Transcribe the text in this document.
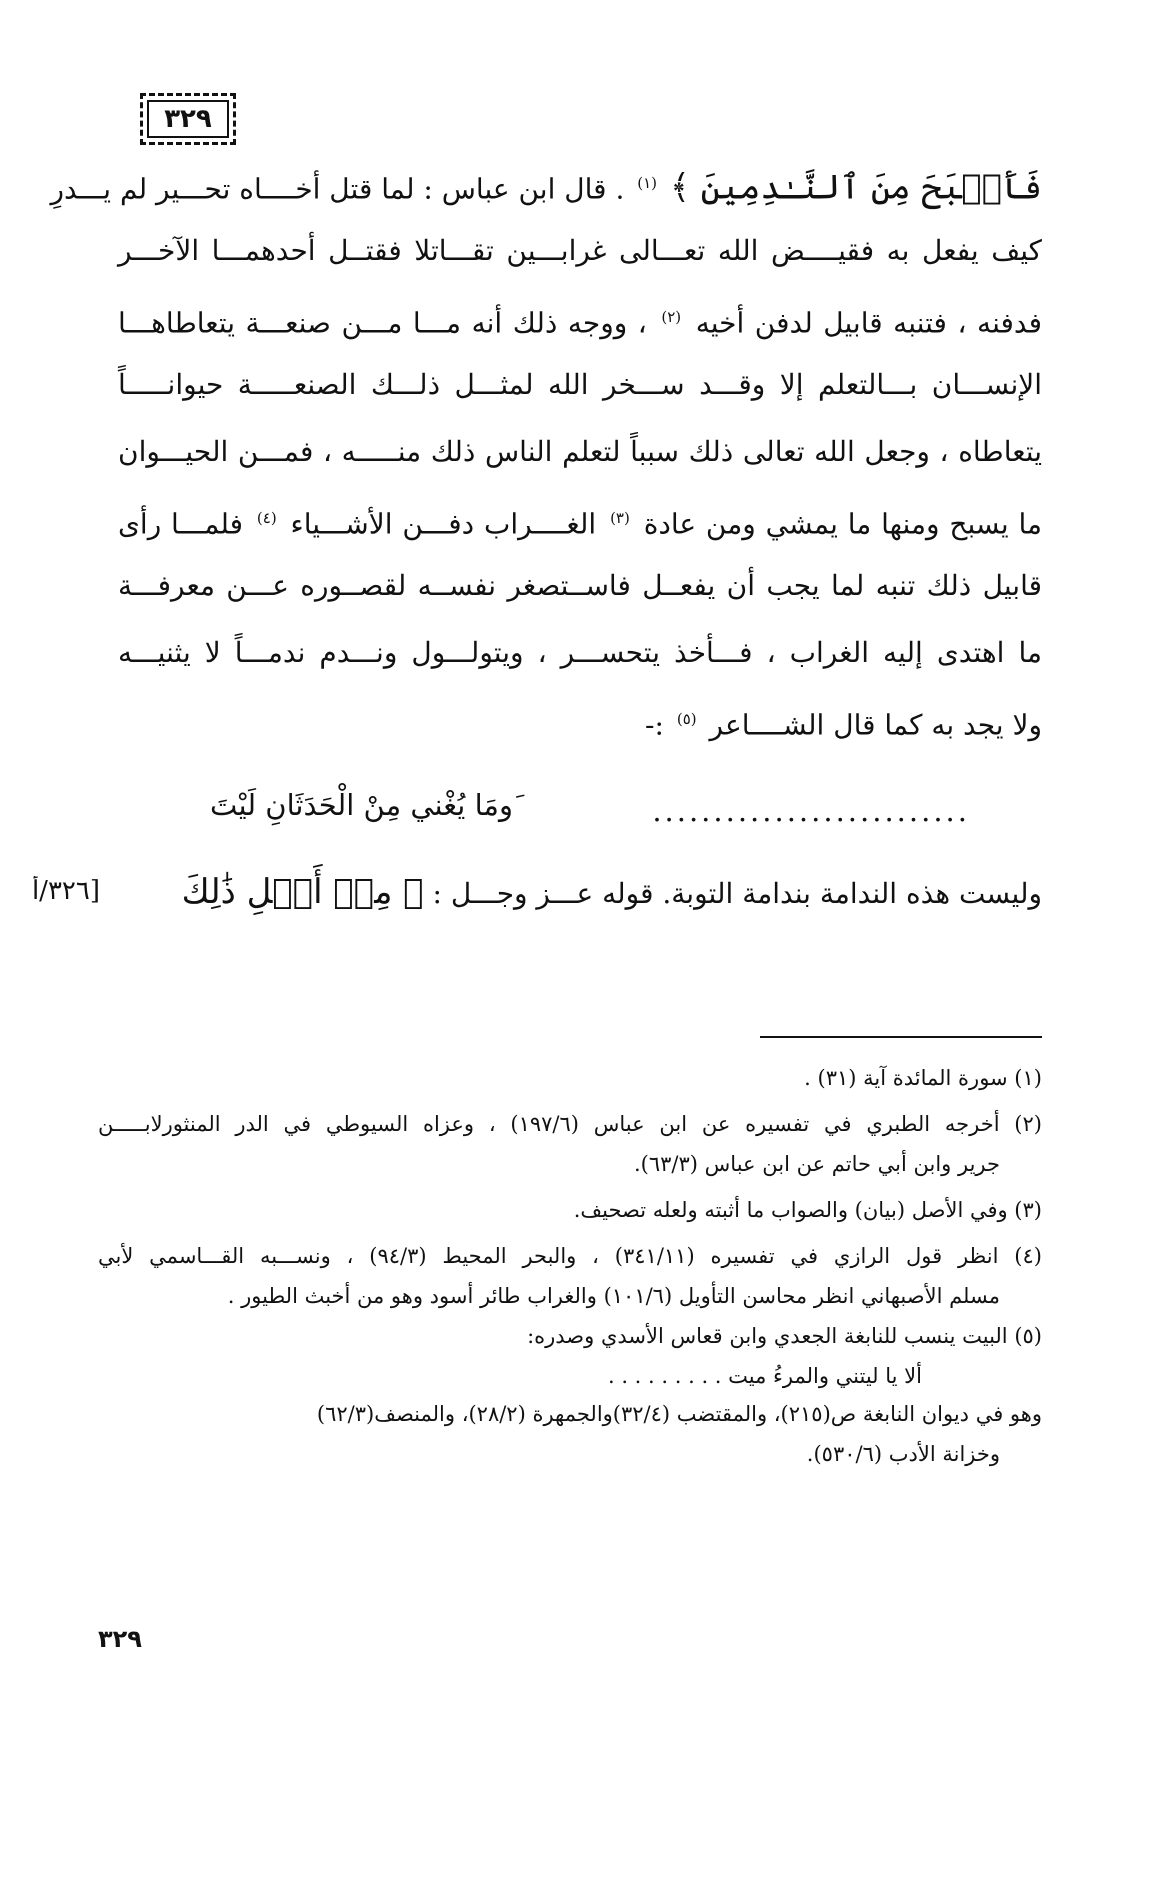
٣٢٩
فَأَصۡبَحَ مِنَ ٱلنَّـٰدِمِينَ ﴾ $^{(١)}$ . قال ابن عباس : لما قتل أخــــاه تحـــير لم يـــدرِ
كيف يفعل به فقيــــض الله تعـــالى غرابـــين تقـــاتلا فقتــل أحدهمـــا الآخـــر
فدفنه ، فتنبه قابيل لدفن أخيه $^{(٢)}$ ، ووجه ذلك أنه مـــا مـــن صنعـــة يتعاطاهـــا
الإنســـان بـــالتعلم إلا وقـــد ســـخر الله لمثـــل ذلـــك الصنعـــــة حيوانـــــاً
يتعاطاه ، وجعل الله تعالى ذلك سبباً لتعلم الناس ذلك منـــــه ، فمـــن الحيـــوان
ما يسبح ومنها ما يمشي ومن عادة $^{(٣)}$ الغــــراب دفـــن الأشـــياء $^{(٤)}$ فلمـــا رأى
قابيل ذلك تنبه لما يجب أن يفعــل فاســتصغر نفســه لقصــوره عـــن معرفـــة
ما اهتدى إليه الغراب ، فـــأخذ يتحســـر ، ويتولـــول ونـــدم ندمـــاً لا يثنيـــه
ولا يجد به كما قال الشــــاعر $^{(٥)}$ :-
..........................
َومَا يُغْني مِنْ الْحَدَثَانِ لَيْتَ
وليست هذه الندامة بندامة التوبة. قوله عـــز وجـــل : ﴿ مِنۡ أَجۡلِ ذَٰلِكَ
[٣٢٦/أ
(١) سورة المائدة آية (٣١) .
(٢) أخرجه الطبري في تفسيره عن ابن عباس (١٩٧/٦) ، وعزاه السيوطي في الدر المنثورلابـــــن
جرير وابن أبي حاتم عن ابن عباس (٦٣/٣).
(٣) وفي الأصل (بيان) والصواب ما أثبته ولعله تصحيف.
(٤) انظر قول الرازي في تفسيره (٣٤١/١١) ، والبحر المحيط (٩٤/٣) ، ونســـبه القـــاسمي لأبي
مسلم الأصبهاني انظر محاسن التأويل (١٠١/٦) والغراب طائر أسود وهو من أخبث الطيور .
(٥) البيت ينسب للنابغة الجعدي وابن قعاس الأسدي وصدره:
ألا يا ليتني والمرءُ ميت . . . . . . . . .
وهو في ديوان النابغة ص(٢١٥)، والمقتضب (٣٢/٤)والجمهرة (٢٨/٢)، والمنصف(٦٢/٣)
وخزانة الأدب (٥٣٠/٦).
٣٢٩
